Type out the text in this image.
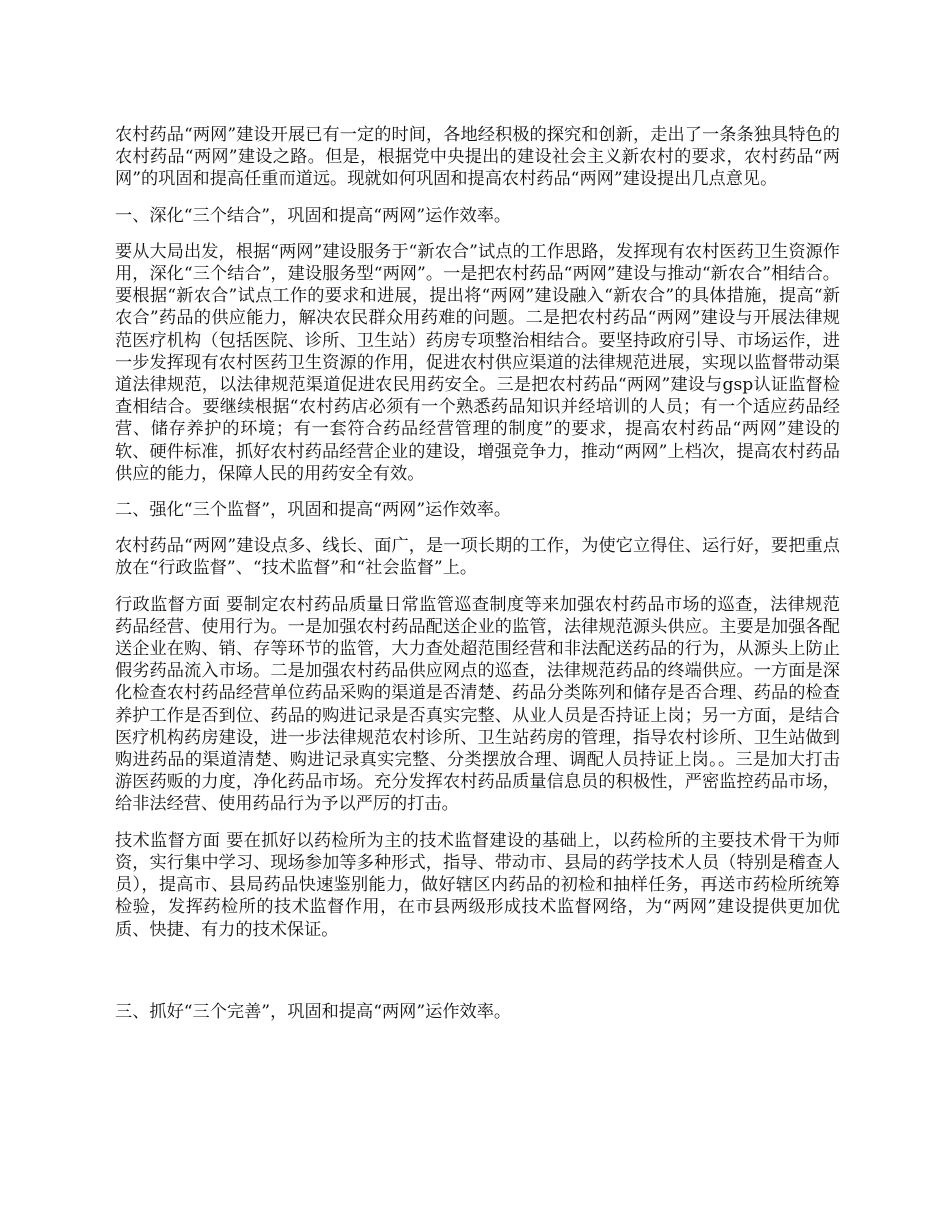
农村药品“两网”建设开展已有一定的时间，各地经积极的探究和创新，走出了一条条独具特色的农村药品“两网”建设之路。但是，根据党中央提出的建设社会主义新农村的要求，农村药品“两网”的巩固和提高任重而道远。现就如何巩固和提高农村药品“两网”建设提出几点意见。

一、深化“三个结合”，巩固和提高“两网”运作效率。

要从大局出发，根据“两网”建设服务于“新农合”试点的工作思路，发挥现有农村医药卫生资源作用，深化“三个结合”，建设服务型“两网”。一是把农村药品“两网”建设与推动“新农合”相结合。要根据“新农合”试点工作的要求和进展，提出将“两网”建设融入“新农合”的具体措施，提高“新农合”药品的供应能力，解决农民群众用药难的问题。二是把农村药品“两网”建设与开展法律规范医疗机构（包括医院、诊所、卫生站）药房专项整治相结合。要坚持政府引导、市场运作，进一步发挥现有农村医药卫生资源的作用，促进农村供应渠道的法律规范进展，实现以监督带动渠道法律规范，以法律规范渠道促进农民用药安全。三是把农村药品“两网”建设与gsp认证监督检查相结合。要继续根据“农村药店必须有一个熟悉药品知识并经培训的人员；有一个适应药品经营、储存养护的环境；有一套符合药品经营管理的制度”的要求，提高农村药品“两网”建设的软、硬件标准，抓好农村药品经营企业的建设，增强竞争力，推动“两网”上档次，提高农村药品供应的能力，保障人民的用药安全有效。

二、强化“三个监督”，巩固和提高“两网”运作效率。

农村药品“两网”建设点多、线长、面广，是一项长期的工作，为使它立得住、运行好，要把重点放在“行政监督”、“技术监督”和“社会监督”上。

行政监督方面 要制定农村药品质量日常监管巡查制度等来加强农村药品市场的巡查，法律规范药品经营、使用行为。一是加强农村药品配送企业的监管，法律规范源头供应。主要是加强各配送企业在购、销、存等环节的监管，大力查处超范围经营和非法配送药品的行为，从源头上防止假劣药品流入市场。二是加强农村药品供应网点的巡查，法律规范药品的终端供应。一方面是深化检查农村药品经营单位药品采购的渠道是否清楚、药品分类陈列和储存是否合理、药品的检查养护工作是否到位、药品的购进记录是否真实完整、从业人员是否持证上岗；另一方面，是结合医疗机构药房建设，进一步法律规范农村诊所、卫生站药房的管理，指导农村诊所、卫生站做到购进药品的渠道清楚、购进记录真实完整、分类摆放合理、调配人员持证上岗。。三是加大打击游医药贩的力度，净化药品市场。充分发挥农村药品质量信息员的积极性，严密监控药品市场，给非法经营、使用药品行为予以严厉的打击。

技术监督方面 要在抓好以药检所为主的技术监督建设的基础上，以药检所的主要技术骨干为师资，实行集中学习、现场参加等多种形式，指导、带动市、县局的药学技术人员（特别是稽查人员），提高市、县局药品快速鉴别能力，做好辖区内药品的初检和抽样任务，再送市药检所统筹检验，发挥药检所的技术监督作用，在市县两级形成技术监督网络，为“两网”建设提供更加优质、快捷、有力的技术保证。

三、抓好“三个完善”，巩固和提高“两网”运作效率。
